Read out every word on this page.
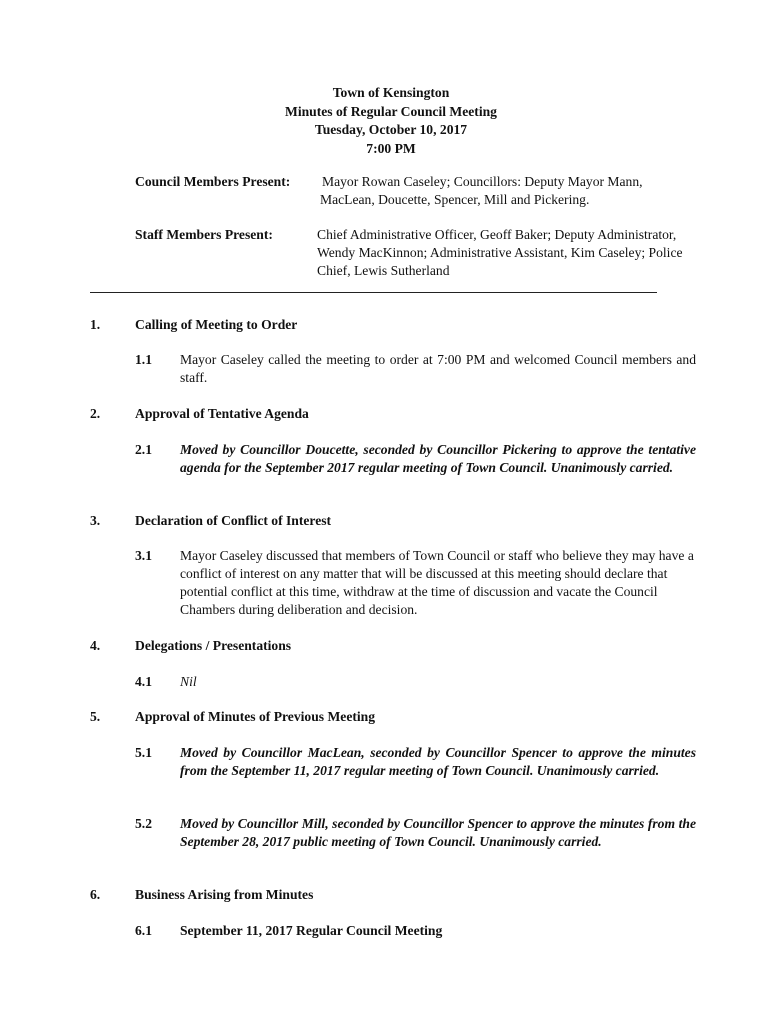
Town of Kensington
Minutes of Regular Council Meeting
Tuesday, October 10, 2017
7:00 PM
Council Members Present:	Mayor Rowan Caseley; Councillors: Deputy Mayor Mann, MacLean, Doucette, Spencer, Mill and Pickering.
Staff Members Present:	Chief Administrative Officer, Geoff Baker; Deputy Administrator, Wendy MacKinnon; Administrative Assistant, Kim Caseley; Police Chief, Lewis Sutherland
1.	Calling of Meeting to Order
1.1 Mayor Caseley called the meeting to order at 7:00 PM and welcomed Council members and staff.
2.	Approval of Tentative Agenda
2.1 Moved by Councillor Doucette, seconded by Councillor Pickering to approve the tentative agenda for the September 2017 regular meeting of Town Council. Unanimously carried.
3.	Declaration of Conflict of Interest
3.1 Mayor Caseley discussed that members of Town Council or staff who believe they may have a conflict of interest on any matter that will be discussed at this meeting should declare that potential conflict at this time, withdraw at the time of discussion and vacate the Council Chambers during deliberation and decision.
4.	Delegations / Presentations
4.1 Nil
5.	Approval of Minutes of Previous Meeting
5.1 Moved by Councillor MacLean, seconded by Councillor Spencer to approve the minutes from the September 11, 2017 regular meeting of Town Council. Unanimously carried.
5.2 Moved by Councillor Mill, seconded by Councillor Spencer to approve the minutes from the September 28, 2017 public meeting of Town Council. Unanimously carried.
6.	Business Arising from Minutes
6.1 September 11, 2017 Regular Council Meeting
